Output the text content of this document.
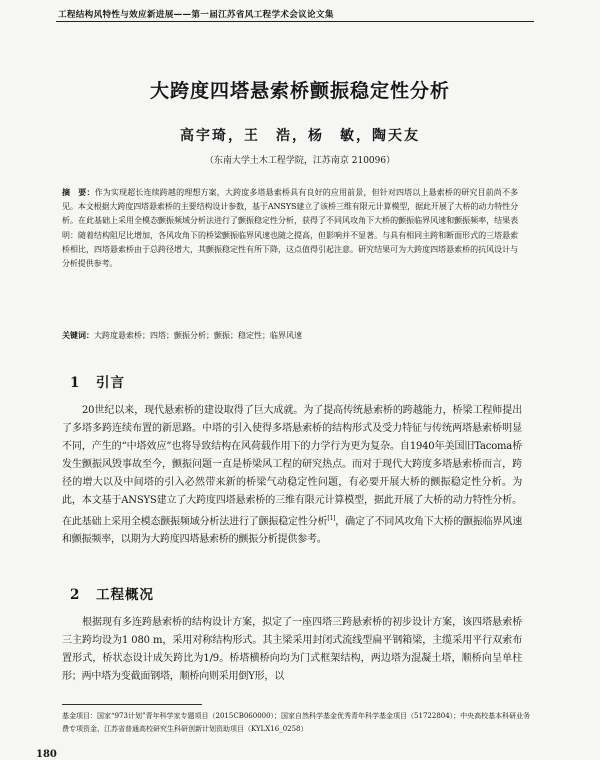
工程结构风特性与效应新进展——第一届江苏省风工程学术会议论文集
大跨度四塔悬索桥颤振稳定性分析
高宇琦，王　浩，杨　敏，陶天友
（东南大学土木工程学院，江苏南京 210096）
摘　要：作为实现超长连续跨越的理想方案，大跨度多塔悬索桥具有良好的应用前景，但针对四塔以上悬索桥的研究目前尚不多见。本文根据大跨度四塔悬索桥的主要结构设计参数，基于ANSYS建立了该桥三维有限元计算模型，据此开展了大桥的动力特性分析。在此基础上采用全模态颤振频域分析法进行了颤振稳定性分析，获得了不同风攻角下大桥的颤振临界风速和颤振频率，结果表明：随着结构阻尼比增加，各风攻角下的桥梁颤振临界风速也随之提高，但影响并不显著。与具有相同主跨和断面形式的三塔悬索桥相比，四塔悬索桥由于总跨径增大，其颤振稳定性有所下降，这点值得引起注意。研究结果可为大跨度四塔悬索桥的抗风设计与分析提供参考。
关键词：大跨度悬索桥；四塔；颤振分析；颤振；稳定性；临界风速
1 引言
20世纪以来，现代悬索桥的建设取得了巨大成就。为了提高传统悬索桥的跨越能力，桥梁工程师提出了多塔多跨连续布置的新思路。中塔的引入使得多塔悬索桥的结构形式及受力特征与传统两塔悬索桥明显不同，产生的“中塔效应”也将导致结构在风荷载作用下的力学行为更为复杂。自1940年美国旧Tacoma桥发生颤振风毁事故至今，颤振问题一直是桥梁风工程的研究热点。而对于现代大跨度多塔悬索桥而言，跨径的增大以及中间塔的引入必然带来新的桥梁气动稳定性问题，有必要开展大桥的颤振稳定性分析。为此，本文基于ANSYS建立了大跨度四塔悬索桥的三维有限元计算模型，据此开展了大桥的动力特性分析。在此基础上采用全模态颤振频域分析法进行了颤振稳定性分析[1]，确定了不同风攻角下大桥的颤振临界风速和颤振频率，以期为大跨度四塔悬索桥的颤振分析提供参考。
2 工程概况
根据现有多连跨悬索桥的结构设计方案，拟定了一座四塔三跨悬索桥的初步设计方案，该四塔悬索桥三主跨均设为1 080 m，采用对称结构形式。其主梁采用封闭式流线型扁平钢箱梁，主缆采用平行双索布置形式，桥状态设计成矢跨比为1/9。桥塔横桥向均为门式框架结构，两边塔为混凝土塔，顺桥向呈单柱形；两中塔为变截面钢塔，顺桥向则采用倒Y形，以
基金项目：国家“973计划”青年科学家专题项目（2015CB060000）；国家自然科学基金优秀青年科学基金项目（51722804）；中央高校基本科研业务费专项资金、江苏省普通高校研究生科研创新计划资助项目（KYLX16_0258）
180
